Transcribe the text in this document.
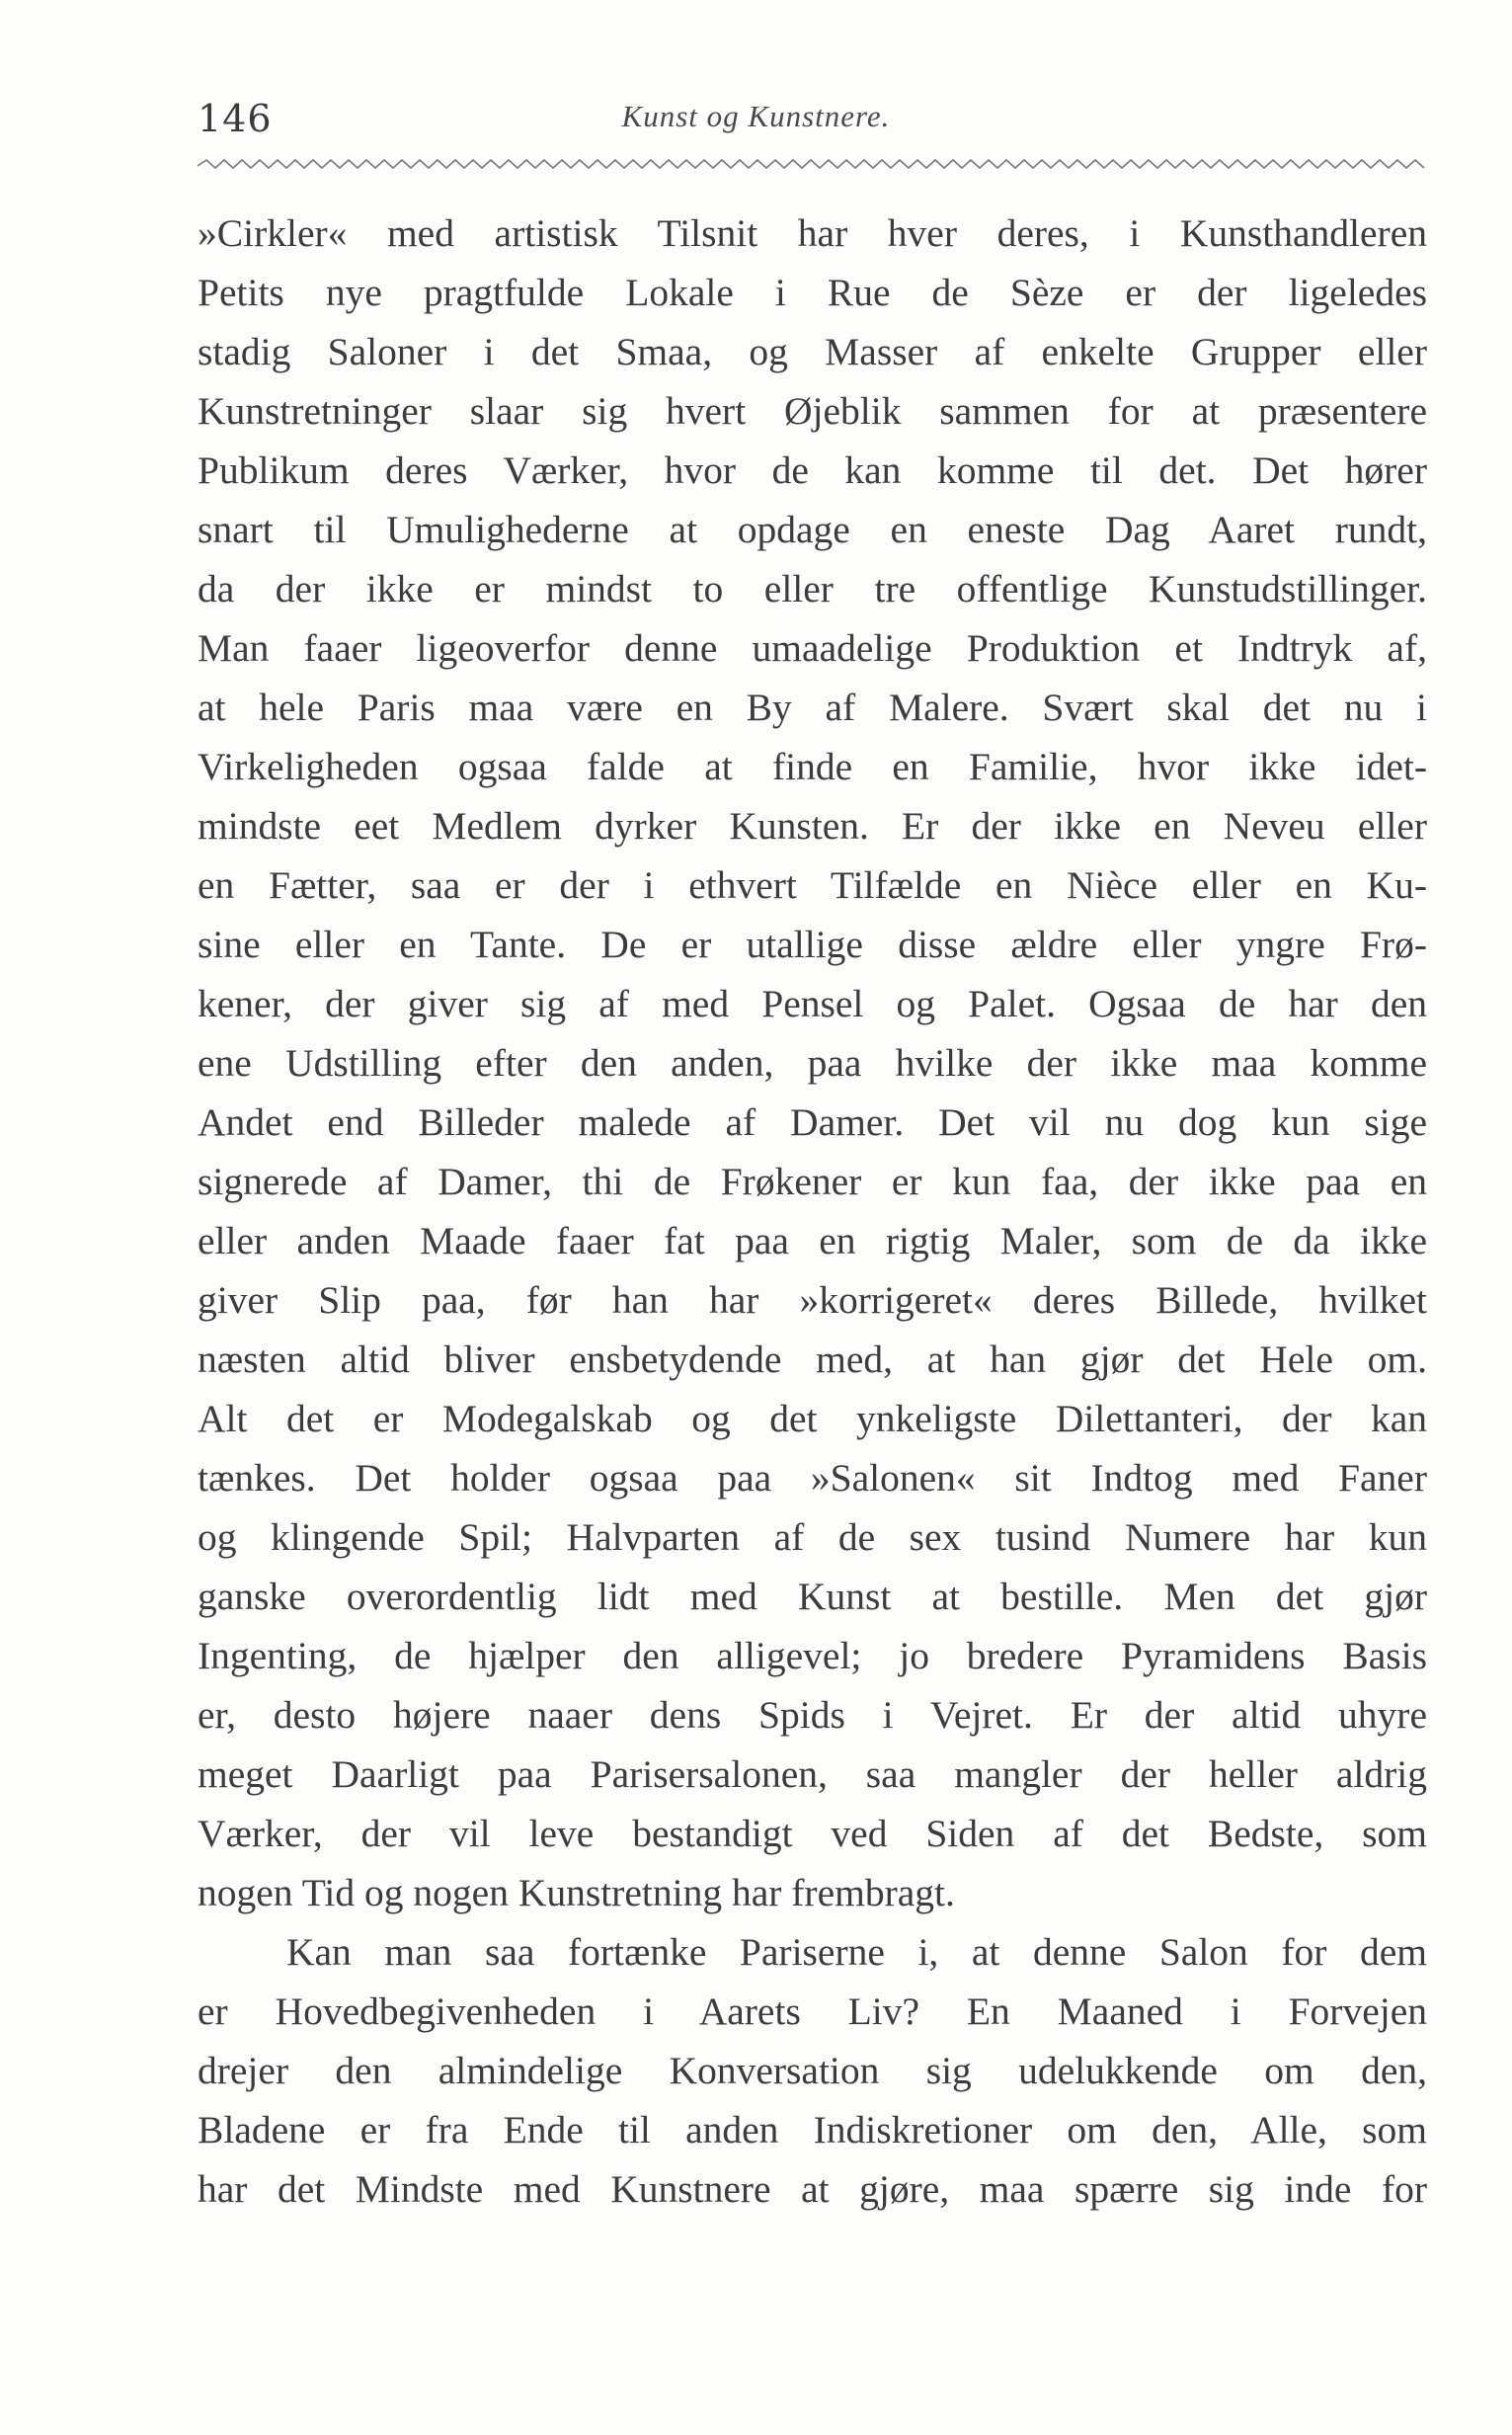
146	Kunst og Kunstnere.
»Cirkler« med artistisk Tilsnit har hver deres, i Kunsthandleren
Petits nye pragtfulde Lokale i Rue de Sèze er der ligeledes
stadig Saloner i det Smaa, og Masser af enkelte Grupper eller
Kunstretninger slaar sig hvert Øjeblik sammen for at præsentere
Publikum deres Værker, hvor de kan komme til det. Det hører
snart til Umulighederne at opdage en eneste Dag Aaret rundt,
da der ikke er mindst to eller tre offentlige Kunstudstillinger.
Man faaer ligeoverfor denne umaadelige Produktion et Indtryk af,
at hele Paris maa være en By af Malere. Svært skal det nu i
Virkeligheden ogsaa falde at finde en Familie, hvor ikke idet-
mindste eet Medlem dyrker Kunsten. Er der ikke en Neveu eller
en Fætter, saa er der i ethvert Tilfælde en Nièce eller en Ku-
sine eller en Tante. De er utallige disse ældre eller yngre Frø-
kener, der giver sig af med Pensel og Palet. Ogsaa de har den
ene Udstilling efter den anden, paa hvilke der ikke maa komme
Andet end Billeder malede af Damer. Det vil nu dog kun sige
signerede af Damer, thi de Frøkener er kun faa, der ikke paa en
eller anden Maade faaer fat paa en rigtig Maler, som de da ikke
giver Slip paa, før han har »korrigeret« deres Billede, hvilket
næsten altid bliver ensbetydende med, at han gjør det Hele om.
Alt det er Modegalskab og det ynkeligste Dilettanteri, der kan
tænkes. Det holder ogsaa paa »Salonen« sit Indtog med Faner
og klingende Spil; Halvparten af de sex tusind Numere har kun
ganske overordentlig lidt med Kunst at bestille. Men det gjør
Ingenting, de hjælper den alligevel; jo bredere Pyramidens Basis
er, desto højere naaer dens Spids i Vejret. Er der altid uhyre
meget Daarligt paa Parisersalonen, saa mangler der heller aldrig
Værker, der vil leve bestandigt ved Siden af det Bedste, som
nogen Tid og nogen Kunstretning har frembragt.
Kan man saa fortænke Pariserne i, at denne Salon for dem
er Hovedbegivenheden i Aarets Liv? En Maaned i Forvejen
drejer den almindelige Konversation sig udelukkende om den,
Bladene er fra Ende til anden Indiskretioner om den, Alle, som
har det Mindste med Kunstnere at gjøre, maa spærre sig inde for
